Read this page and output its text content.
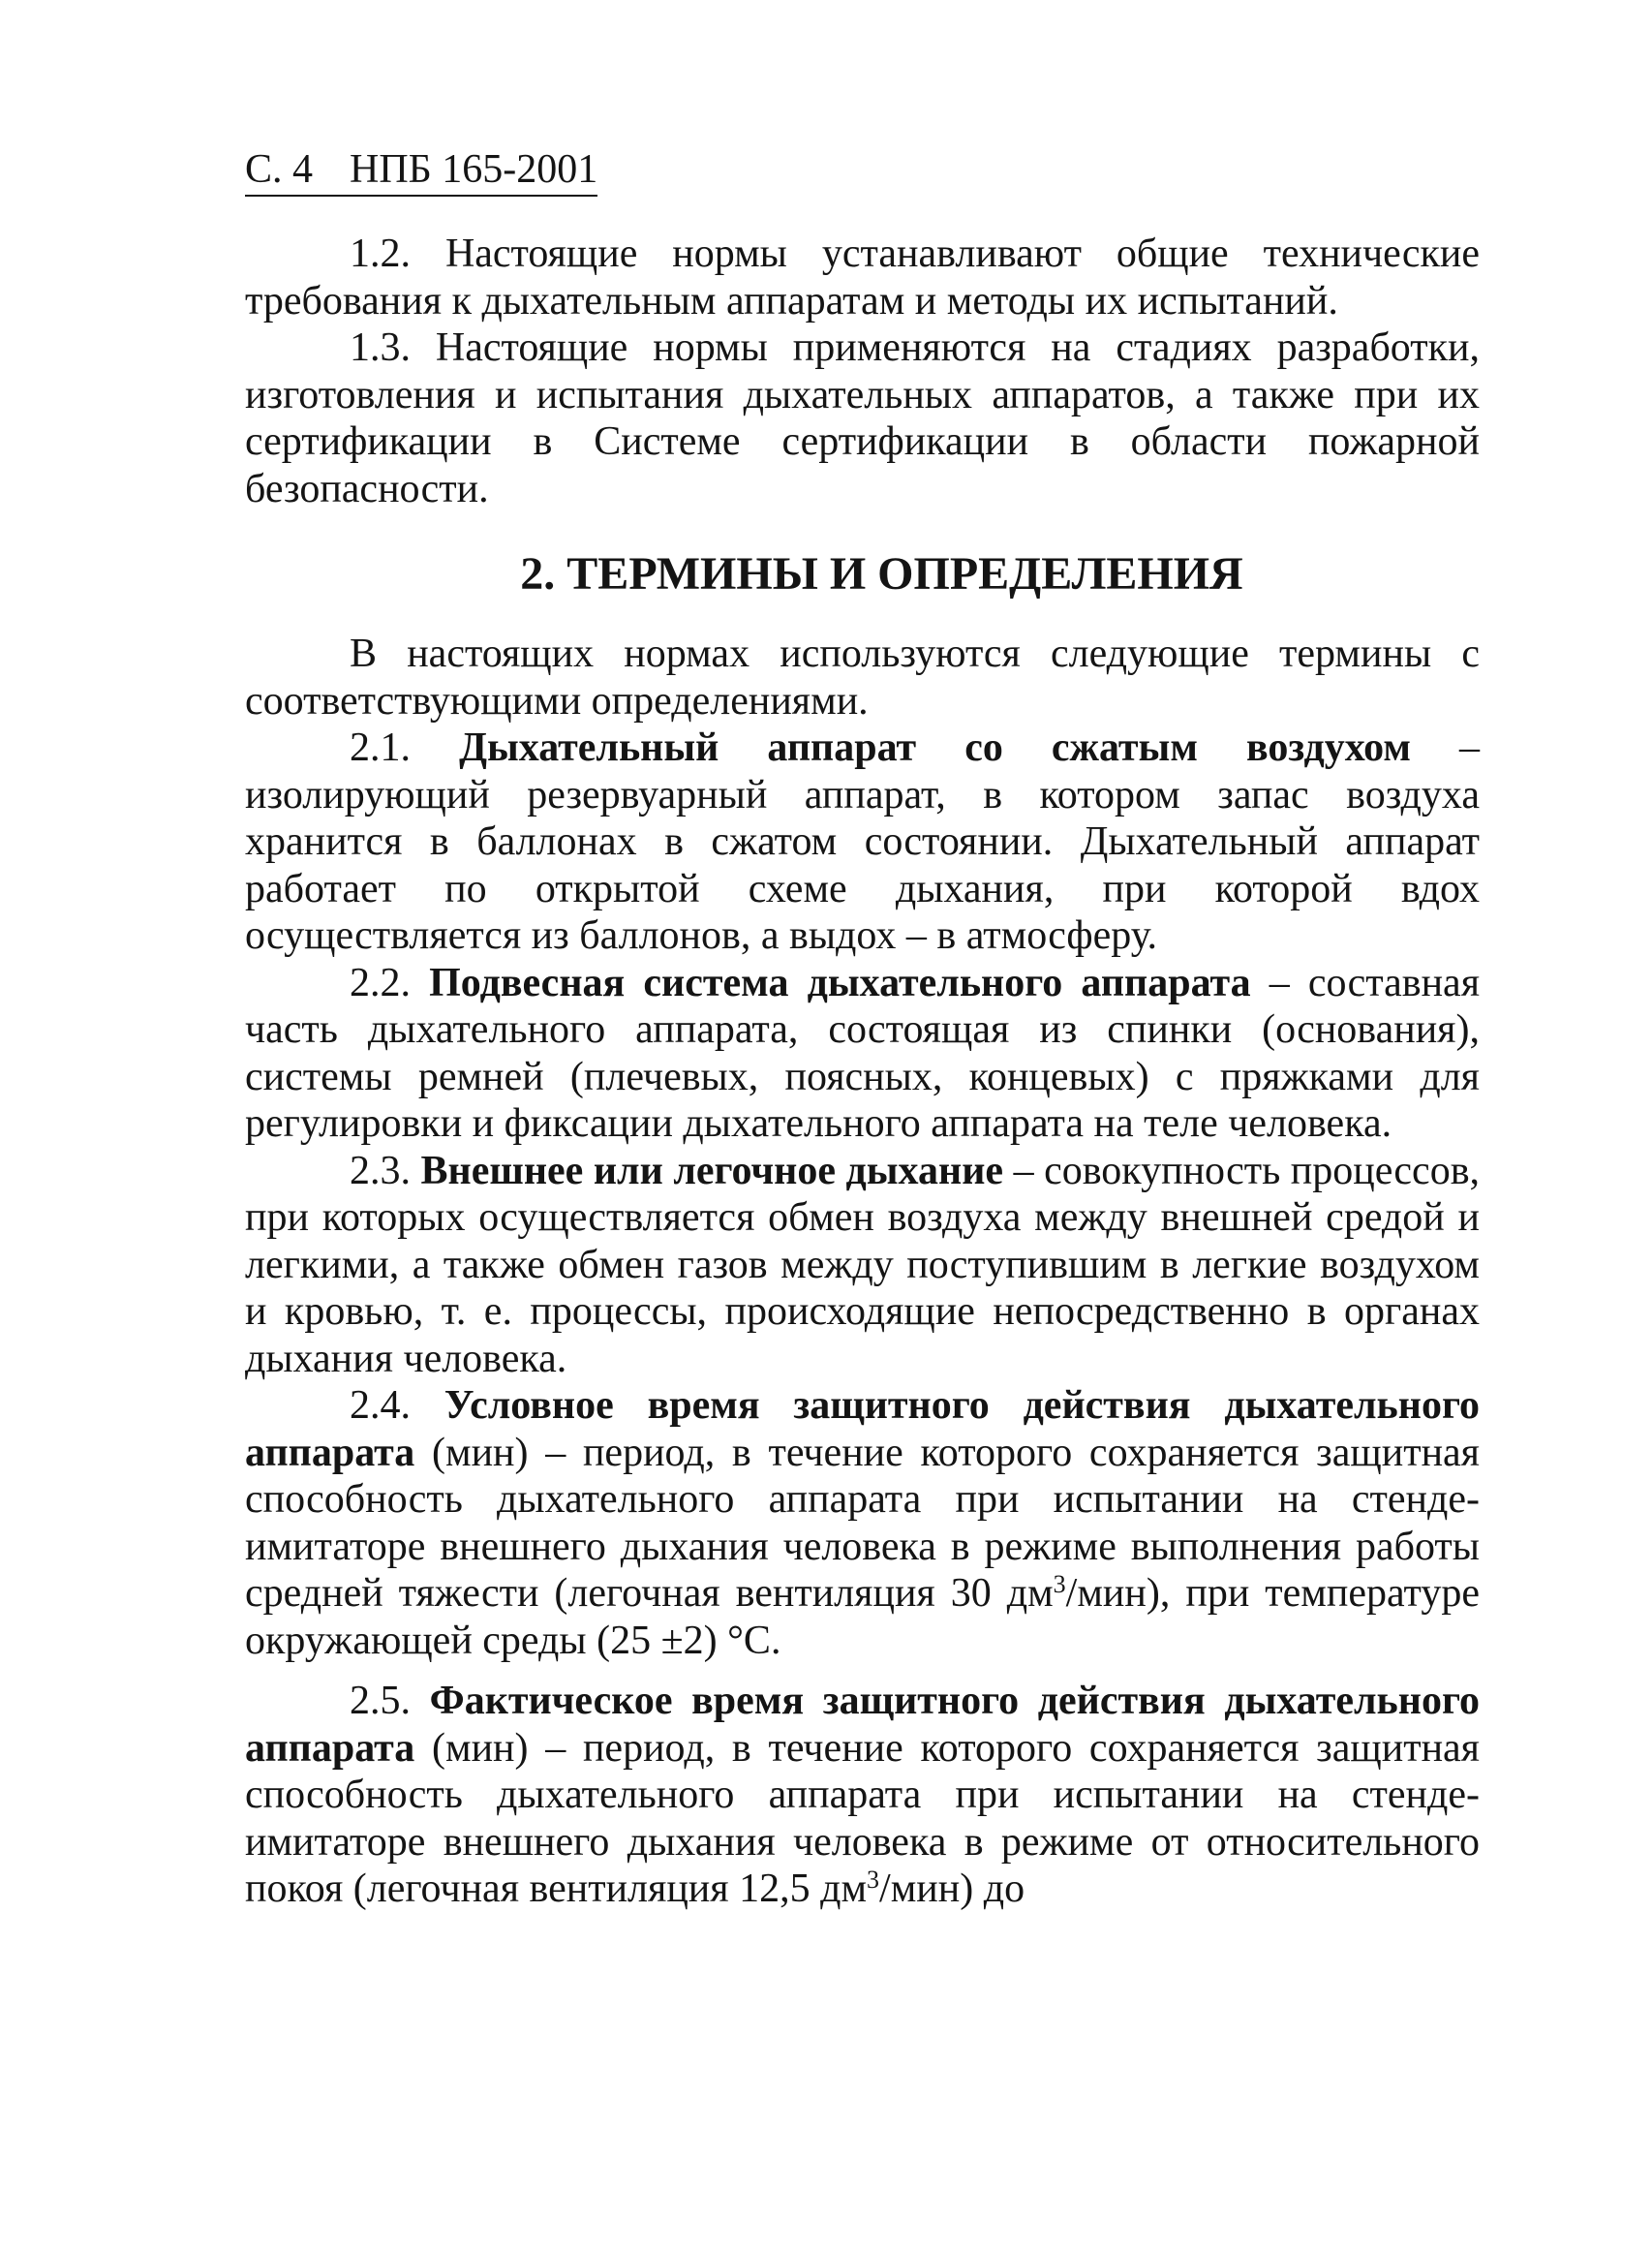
С. 4 НПБ 165-2001

1.2. Настоящие нормы устанавливают общие технические требования к дыхательным аппаратам и методы их испытаний.

1.3. Настоящие нормы применяются на стадиях разработки, изготовления и испытания дыхательных аппаратов, а также при их сертификации в Системе сертификации в области пожарной безопасности.

2. ТЕРМИНЫ И ОПРЕДЕЛЕНИЯ

В настоящих нормах используются следующие термины с соответствующими определениями.

2.1. Дыхательный аппарат со сжатым воздухом – изолирующий резервуарный аппарат, в котором запас воздуха хранится в баллонах в сжатом состоянии. Дыхательный аппарат работает по открытой схеме дыхания, при которой вдох осуществляется из баллонов, а выдох – в атмосферу.

2.2. Подвесная система дыхательного аппарата – составная часть дыхательного аппарата, состоящая из спинки (основания), системы ремней (плечевых, поясных, концевых) с пряжками для регулировки и фиксации дыхательного аппарата на теле человека.

2.3. Внешнее или легочное дыхание – совокупность процессов, при которых осуществляется обмен воздуха между внешней средой и легкими, а также обмен газов между поступившим в легкие воздухом и кровью, т. е. процессы, происходящие непосредственно в органах дыхания человека.

2.4. Условное время защитного действия дыхательного аппарата (мин) – период, в течение которого сохраняется защитная способность дыхательного аппарата при испытании на стенде-имитаторе внешнего дыхания человека в режиме выполнения работы средней тяжести (легочная вентиляция 30 $дм^3/мин$), при температуре окружающей среды (25 ±2) °С.

2.5. Фактическое время защитного действия дыхательного аппарата (мин) – период, в течение которого сохраняется защитная способность дыхательного аппарата при испытании на стенде-имитаторе внешнего дыхания человека в режиме от относительного покоя (легочная вентиляция 12,5 $дм^3/мин$) до
